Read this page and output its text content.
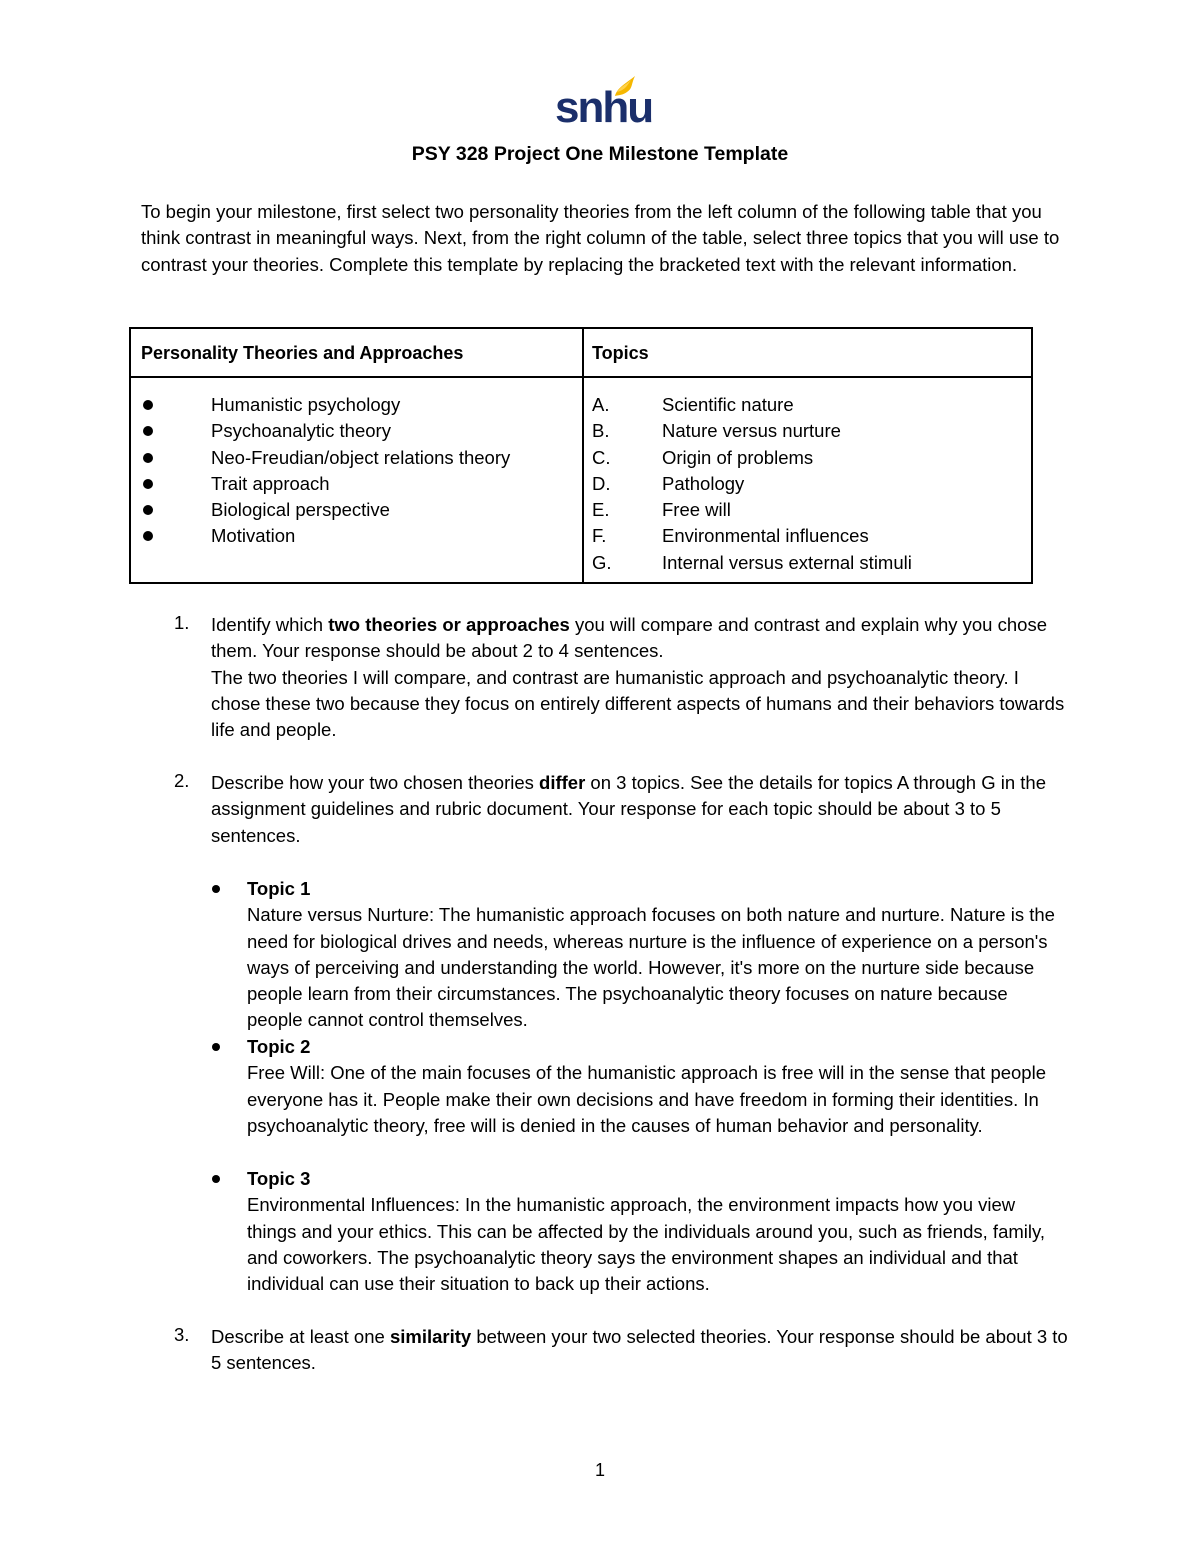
snhu
PSY 328 Project One Milestone Template

To begin your milestone, first select two personality theories from the left column of the following table that you think contrast in meaningful ways. Next, from the right column of the table, select three topics that you will use to contrast your theories. Complete this template by replacing the bracketed text with the relevant information.

Personality Theories and Approaches	Topics
Humanistic psychology
Psychoanalytic theory
Neo-Freudian/object relations theory
Trait approach
Biological perspective
Motivation
A.	Scientific nature
B.	Nature versus nurture
C.	Origin of problems
D.	Pathology
E.	Free will
F.	Environmental influences
G.	Internal versus external stimuli
1. Identify which two theories or approaches you will compare and contrast and explain why you chose them. Your response should be about 2 to 4 sentences.

The two theories I will compare, and contrast are humanistic approach and psychoanalytic theory. I chose these two because they focus on entirely different aspects of humans and their behaviors towards life and people.

2. Describe how your two chosen theories differ on 3 topics. See the details for topics A through G in the assignment guidelines and rubric document. Your response for each topic should be about 3 to 5 sentences.

Topic 1
Nature versus Nurture: The humanistic approach focuses on both nature and nurture. Nature is the need for biological drives and needs, whereas nurture is the influence of experience on a person's ways of perceiving and understanding the world. However, it's more on the nurture side because people learn from their circumstances. The psychoanalytic theory focuses on nature because people cannot control themselves.
Topic 2
Free Will: One of the main focuses of the humanistic approach is free will in the sense that people everyone has it. People make their own decisions and have freedom in forming their identities. In psychoanalytic theory, free will is denied in the causes of human behavior and personality.
Topic 3
Environmental Influences: In the humanistic approach, the environment impacts how you view things and your ethics. This can be affected by the individuals around you, such as friends, family, and coworkers. The psychoanalytic theory says the environment shapes an individual and that individual can use their situation to back up their actions.
3. Describe at least one similarity between your two selected theories. Your response should be about 3 to 5 sentences.

1
